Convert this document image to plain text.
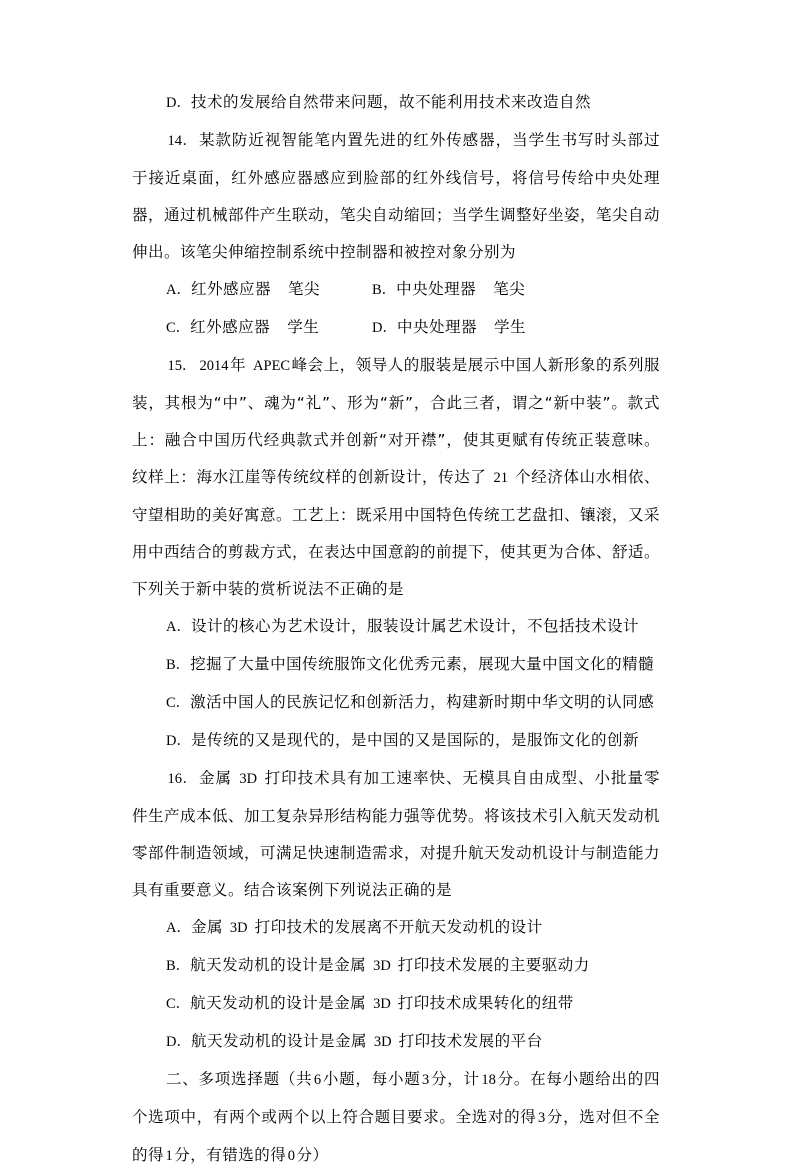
D．技术的发展给自然带来问题，故不能利用技术来改造自然

14．某款防近视智能笔内置先进的红外传感器，当学生书写时头部过于接近桌面，红外感应器感应到脸部的红外线信号，将信号传给中央处理器，通过机械部件产生联动，笔尖自动缩回；当学生调整好坐姿，笔尖自动伸出。该笔尖伸缩控制系统中控制器和被控对象分别为

A．红外感应器 笔尖	B．中央处理器 笔尖
C．红外感应器 学生	D．中央处理器 学生

15． 2014年 APEC峰会上，领导人的服装是展示中国人新形象的系列服装，其根为“中”、魂为“礼”、形为“新”，合此三者，谓之“新中装”。款式上：融合中国历代经典款式并创新“对开襟”，使其更赋有传统正装意味。纹样上：海水江崖等传统纹样的创新设计，传达了 21 个经济体山水相依、守望相助的美好寓意。工艺上：既采用中国特色传统工艺盘扣、镶滚，又采用中西结合的剪裁方式，在表达中国意韵的前提下，使其更为合体、舒适。下列关于新中装的赏析说法不正确的是

A．设计的核心为艺术设计，服装设计属艺术设计，不包括技术设计

B．挖掘了大量中国传统服饰文化优秀元素，展现大量中国文化的精髓

C．激活中国人的民族记忆和创新活力，构建新时期中华文明的认同感

D．是传统的又是现代的，是中国的又是国际的，是服饰文化的创新

16．金属 3D 打印技术具有加工速率快、无模具自由成型、小批量零件生产成本低、加工复杂异形结构能力强等优势。将该技术引入航天发动机零部件制造领域，可满足快速制造需求，对提升航天发动机设计与制造能力具有重要意义。结合该案例下列说法正确的是

A．金属 3D 打印技术的发展离不开航天发动机的设计

B．航天发动机的设计是金属 3D 打印技术发展的主要驱动力

C．航天发动机的设计是金属 3D 打印技术成果转化的纽带

D．航天发动机的设计是金属 3D 打印技术发展的平台

二、多项选择题（共 6小题，每小题 3分，计 18分。在每小题给出的四个选项中，有两个或两个以上符合题目要求。全选对的得 3分，选对但不全的得 1分，有错选的得 0分）
